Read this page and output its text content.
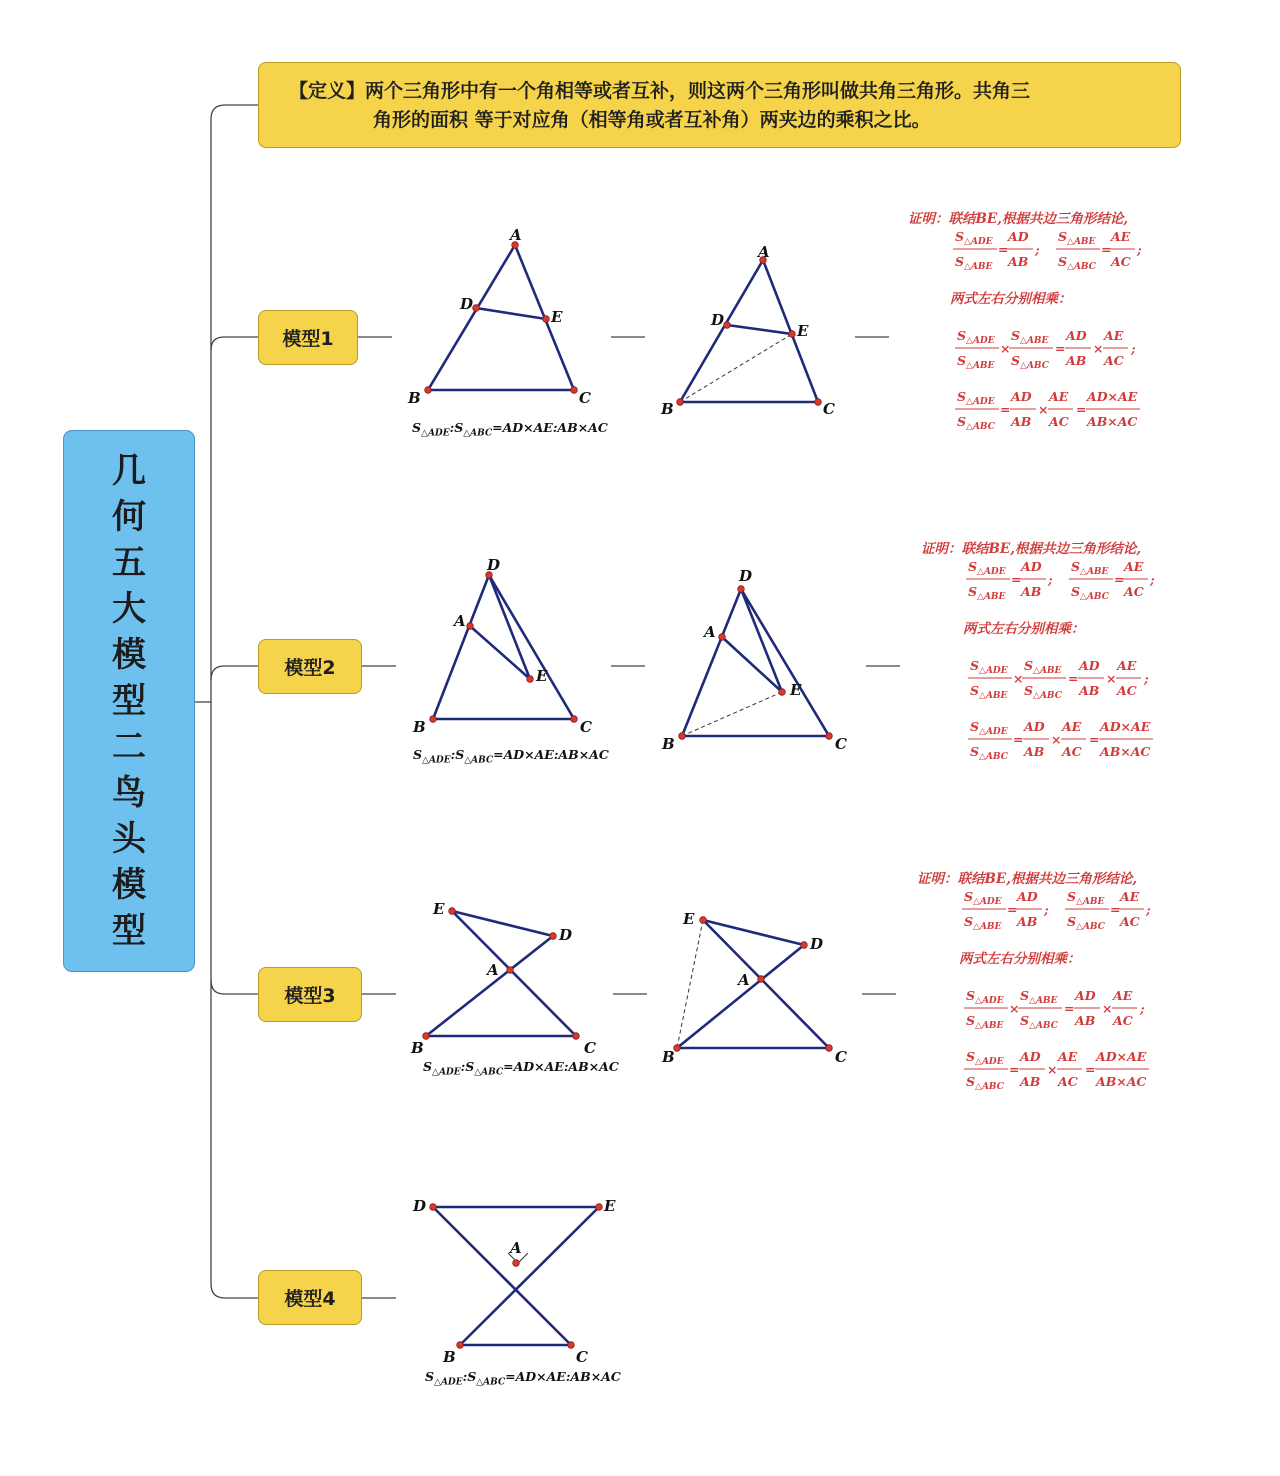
几
何
五
大
模
型
二
鸟
头
模
型
【定义】两个三角形中有一个角相等或者互补，则这两个三角形叫做共角三角形。共角三
角形的面积 等于对应角（相等角或者互补角）两夹边的乘积之比。
模型1
模型2
模型3
模型4
A
B	C
D
E
$S_{\triangle ADE}:S_{\triangle ABC}=AD\times AE:AB\times AC$
A
B	C
D
E
证明：联结BE,根据共边三角形结论,
$S_{\triangle ADE}$
$S_{\triangle ABE}$
=
AD
AB
;
$S_{\triangle ABE}$
$S_{\triangle ABC}$
=
AE
AC
;
两式左右分别相乘：
$S_{\triangle ADE}$
$S_{\triangle ABE}$
×
$S_{\triangle ABE}$
$S_{\triangle ABC}$
=
AD
AB
×
AE
AC
;
$S_{\triangle ADE}$
$S_{\triangle ABC}$
=
AD
AB
×
AE
AC
=
AD×AE
AB×AC
D
A
E
B	C
$S_{\triangle ADE}:S_{\triangle ABC}=AD\times AE:AB\times AC$
D
A
E
B	C
证明：联结BE,根据共边三角形结论,
$S_{\triangle ADE}$
$S_{\triangle ABE}$
=
AD
AB
;
$S_{\triangle ABE}$
$S_{\triangle ABC}$
=
AE
AC
;
两式左右分别相乘：
$S_{\triangle ADE}$
$S_{\triangle ABE}$
×
$S_{\triangle ABE}$
$S_{\triangle ABC}$
=
AD
AB
×
AE
AC
;
$S_{\triangle ADE}$
$S_{\triangle ABC}$
=
AD
AB
×
AE
AC
=
AD×AE
AB×AC
E
D
A
B	C
$S_{\triangle ADE}:S_{\triangle ABC}=AD\times AE:AB\times AC$
E
D
A
B	C
证明：联结BE,根据共边三角形结论,
$S_{\triangle ADE}$
$S_{\triangle ABE}$
=
AD
AB
;
$S_{\triangle ABE}$
$S_{\triangle ABC}$
=
AE
AC
;
两式左右分别相乘：
$S_{\triangle ADE}$
$S_{\triangle ABE}$
×
$S_{\triangle ABE}$
$S_{\triangle ABC}$
=
AD
AB
×
AE
AC
;
$S_{\triangle ADE}$
$S_{\triangle ABC}$
=
AD
AB
×
AE
AC
=
AD×AE
AB×AC
D	E
A
B	C
$S_{\triangle ADE}:S_{\triangle ABC}=AD\times AE:AB\times AC$
